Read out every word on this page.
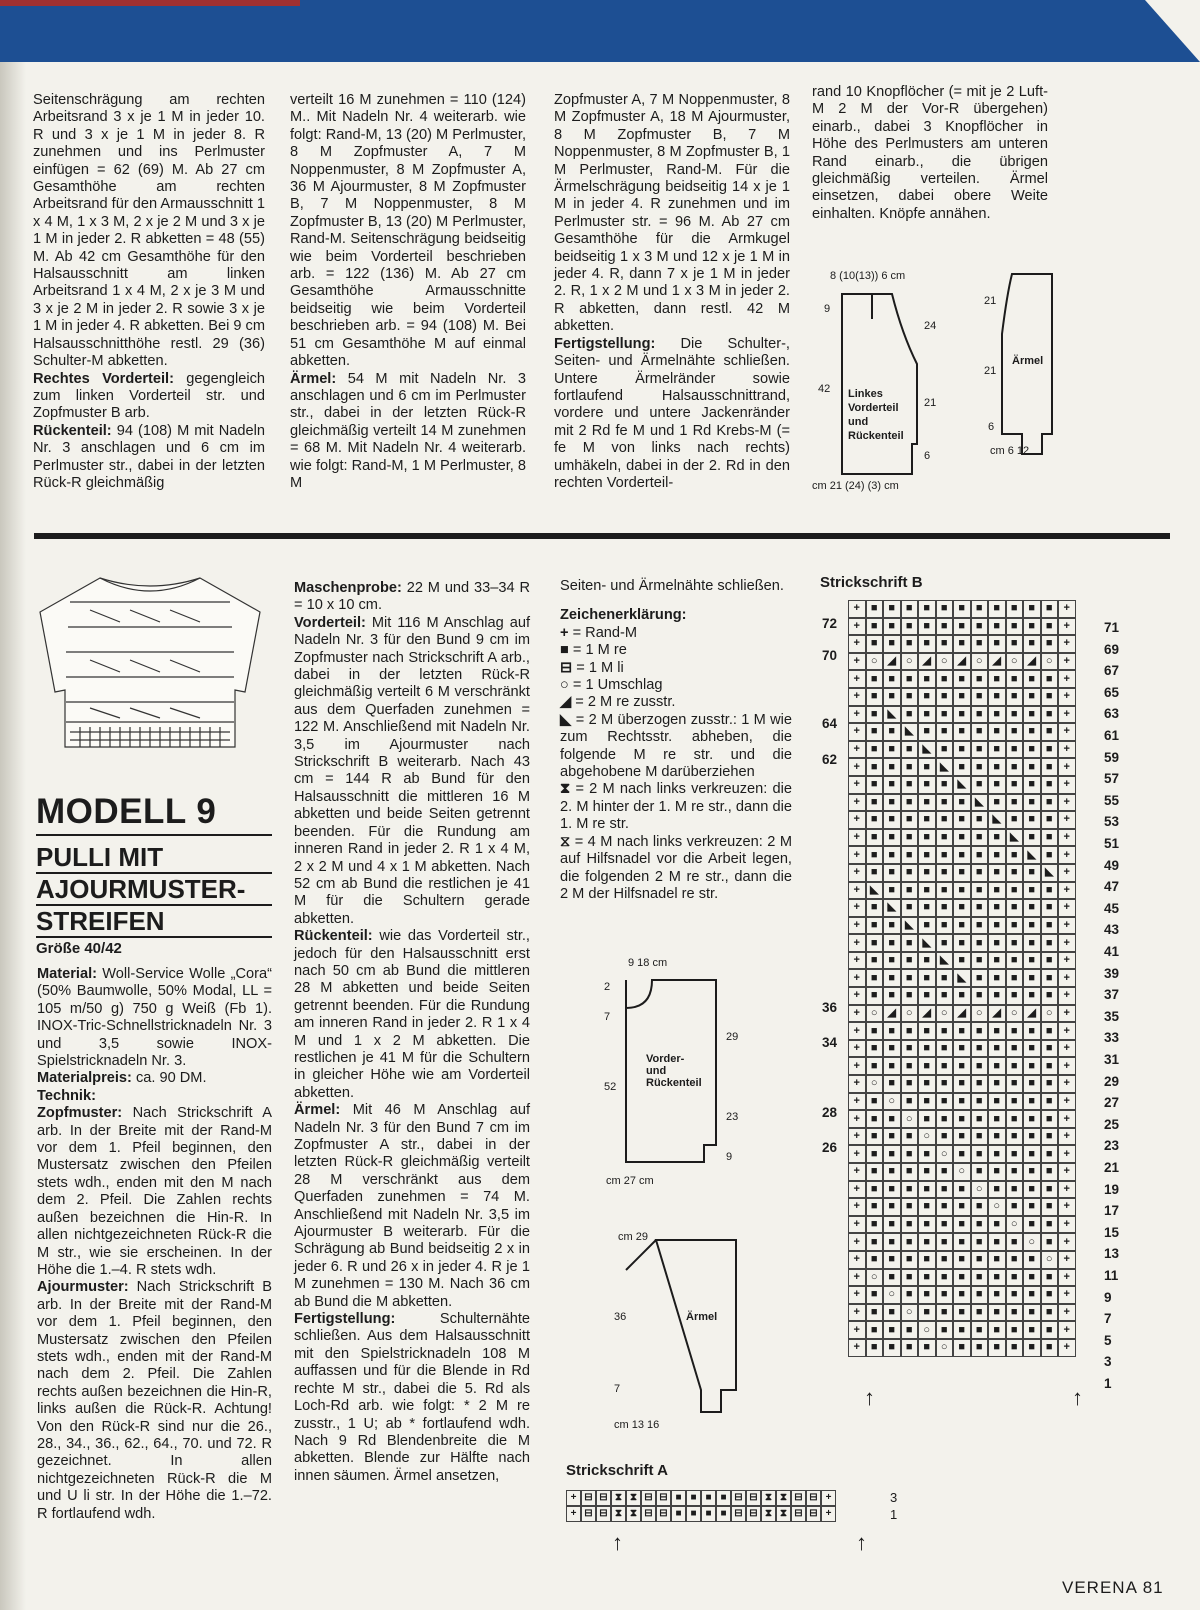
Seitenschrägung am rechten Arbeitsrand 3 x je 1 M in jeder 10. R und 3 x je 1 M in jeder 8. R zunehmen und ins Perlmuster einfügen = 62 (69) M. Ab 27 cm Gesamthöhe am rechten Arbeitsrand für den Armausschnitt 1 x 4 M, 1 x 3 M, 2 x je 2 M und 3 x je 1 M in jeder 2. R abketten = 48 (55) M. Ab 42 cm Gesamthöhe für den Halsausschnitt am linken Arbeitsrand 1 x 4 M, 2 x je 3 M und 3 x je 2 M in jeder 2. R sowie 3 x je 1 M in jeder 4. R abketten. Bei 9 cm Halsausschnitthöhe restl. 29 (36) Schulter-M abketten.

Rechtes Vorderteil: gegengleich zum linken Vorderteil str. und Zopfmuster B arb.

Rückenteil: 94 (108) M mit Nadeln Nr. 3 anschlagen und 6 cm im Perlmuster str., dabei in der letzten Rück-R gleichmäßig

verteilt 16 M zunehmen = 110 (124) M.. Mit Nadeln Nr. 4 weiterarb. wie folgt: Rand-M, 13 (20) M Perlmuster, 8 M Zopfmuster A, 7 M Noppenmuster, 8 M Zopfmuster A, 36 M Ajourmuster, 8 M Zopfmuster B, 7 M Noppenmuster, 8 M Zopfmuster B, 13 (20) M Perlmuster, Rand-M. Seitenschrägung beidseitig wie beim Vorderteil beschrieben arb. = 122 (136) M. Ab 27 cm Gesamthöhe Armausschnitte beidseitig wie beim Vorderteil beschrieben arb. = 94 (108) M. Bei 51 cm Gesamthöhe M auf einmal abketten.

Ärmel: 54 M mit Nadeln Nr. 3 anschlagen und 6 cm im Perlmuster str., dabei in der letzten Rück-R gleichmäßig verteilt 14 M zunehmen = 68 M. Mit Nadeln Nr. 4 weiterarb. wie folgt: Rand-M, 1 M Perlmuster, 8 M

Zopfmuster A, 7 M Noppenmuster, 8 M Zopfmuster A, 18 M Ajourmuster, 8 M Zopfmuster B, 7 M Noppenmuster, 8 M Zopfmuster B, 1 M Perlmuster, Rand-M. Für die Ärmelschrägung beidseitig 14 x je 1 M in jeder 4. R zunehmen und im Perlmuster str. = 96 M. Ab 27 cm Gesamthöhe für die Armkugel beidseitig 1 x 3 M und 12 x je 1 M in jeder 4. R, dann 7 x je 1 M in jeder 2. R, 1 x 2 M und 1 x 3 M in jeder 2. R abketten, dann restl. 42 M abketten.

Fertigstellung: Die Schulter-, Seiten- und Ärmelnähte schließen. Untere Ärmelränder sowie fortlaufend Halsausschnittrand, vordere und untere Jackenränder mit 2 Rd fe M und 1 Rd Krebs-M (= fe M von links nach rechts) umhäkeln, dabei in der 2. Rd in den rechten Vorderteil-

rand 10 Knopflöcher (= mit je 2 Luft-M 2 M der Vor-R übergehen) einarb., dabei 3 Knopflöcher in Höhe des Perlmusters am unteren Rand einarb., die übrigen gleichmäßig verteilen. Ärmel einsetzen, dabei obere Weite einhalten. Knöpfe annähen.

Linkes
Vorderteil
und
Rückenteil
Ärmel
8 (10(13)) 6 cm
9
42
24
21
6
cm 21 (24) (3) cm
21
21
6
cm 6 12
MODELL 9
PULLI MIT
AJOURMUSTER-
STREIFEN
Größe 40/42

Material: Woll-Service Wolle „Cora“ (50% Baumwolle, 50% Modal, LL = 105 m/50 g) 750 g Weiß (Fb 1). INOX-Tric-Schnellstricknadeln Nr. 3 und 3,5 sowie INOX-Spielstricknadeln Nr. 3.

Materialpreis: ca. 90 DM.

Technik:

Zopfmuster: Nach Strickschrift A arb. In der Breite mit der Rand-M vor dem 1. Pfeil beginnen, den Mustersatz zwischen den Pfeilen stets wdh., enden mit den M nach dem 2. Pfeil. Die Zahlen rechts außen bezeichnen die Hin-R. In allen nichtgezeichneten Rück-R die M str., wie sie erscheinen. In der Höhe die 1.–4. R stets wdh.

Ajourmuster: Nach Strickschrift B arb. In der Breite mit der Rand-M vor dem 1. Pfeil beginnen, den Mustersatz zwischen den Pfeilen stets wdh., enden mit der Rand-M nach dem 2. Pfeil. Die Zahlen rechts außen bezeichnen die Hin-R, links außen die Rück-R. Achtung! Von den Rück-R sind nur die 26., 28., 34., 36., 62., 64., 70. und 72. R gezeichnet. In allen nichtgezeichneten Rück-R die M und U li str. In der Höhe die 1.–72. R fortlaufend wdh.

Maschenprobe: 22 M und 33–34 R = 10 x 10 cm.

Vorderteil: Mit 116 M Anschlag auf Nadeln Nr. 3 für den Bund 9 cm im Zopfmuster nach Strickschrift A arb., dabei in der letzten Rück-R gleichmäßig verteilt 6 M verschränkt aus dem Querfaden zunehmen = 122 M. Anschließend mit Nadeln Nr. 3,5 im Ajourmuster nach Strickschrift B weiterarb. Nach 43 cm = 144 R ab Bund für den Halsausschnitt die mittleren 16 M abketten und beide Seiten getrennt beenden. Für die Rundung am inneren Rand in jeder 2. R 1 x 4 M, 2 x 2 M und 4 x 1 M abketten. Nach 52 cm ab Bund die restlichen je 41 M für die Schultern gerade abketten.

Rückenteil: wie das Vorderteil str., jedoch für den Halsausschnitt erst nach 50 cm ab Bund die mittleren 28 M abketten und beide Seiten getrennt beenden. Für die Rundung am inneren Rand in jeder 2. R 1 x 4 M und 1 x 2 M abketten. Die restlichen je 41 M für die Schultern in gleicher Höhe wie am Vorderteil abketten.

Ärmel: Mit 46 M Anschlag auf Nadeln Nr. 3 für den Bund 7 cm im Zopfmuster A str., dabei in der letzten Rück-R gleichmäßig verteilt 28 M verschränkt aus dem Querfaden zunehmen = 74 M. Anschließend mit Nadeln Nr. 3,5 im Ajourmuster B weiterarb. Für die Schrägung ab Bund beidseitig 2 x in jeder 6. R und 26 x in jeder 4. R je 1 M zunehmen = 130 M. Nach 36 cm ab Bund die M abketten.

Fertigstellung: Schulternähte schließen. Aus dem Halsausschnitt mit den Spielstricknadeln 108 M auffassen und für die Blende in Rd rechte M str., dabei die 5. Rd als Loch-Rd arb. wie folgt: * 2 M re zusstr., 1 U; ab * fortlaufend wdh. Nach 9 Rd Blendenbreite die M abketten. Blende zur Hälfte nach innen säumen. Ärmel ansetzen,

Seiten- und Ärmelnähte schließen.

Zeichenerklärung:

+ = Rand-M

■ = 1 M re

⊟ = 1 M li

○ = 1 Umschlag

◢ = 2 M re zusstr.

◣ = 2 M überzogen zusstr.: 1 M wie zum Rechtsstr. abheben, die folgende M re str. und die abgehobene M darüberziehen

⧗ = 2 M nach links verkreuzen: die 2. M hinter der 1. M re str., dann die 1. M re str.

⧖ = 4 M nach links verkreuzen: 2 M auf Hilfsnadel vor die Arbeit legen, die folgenden 2 M re str., dann die 2 M der Hilfsnadel re str.

Vorder-
und
Rückenteil
Ärmel
9 18 cm
2
7
52
29
23
9
cm 27 cm
cm 29
36
7
cm 13 16
Strickschrift B
+ ■ ■ ■ ■ ■ ■ ■ ■ ■ ■ ■ +
+ ■ ■ ■ ■ ■ ■ ■ ■ ■ ■ ■ +
+ ■ ■ ■ ■ ■ ■ ■ ■ ■ ■ ■ +
+ ○ ◢ ○ ◢ ○ ◢ ○ ◢ ○ ◢ ○ +
+ ■ ■ ■ ■ ■ ■ ■ ■ ■ ■ ■ +
+ ■ ■ ■ ■ ■ ■ ■ ■ ■ ■ ■ +
+ ■ ◣ ■ ■ ■ ■ ■ ■ ■ ■ ■ +
+ ■ ■ ◣ ■ ■ ■ ■ ■ ■ ■ ■ +
+ ■ ■ ■ ◣ ■ ■ ■ ■ ■ ■ ■ +
+ ■ ■ ■ ■ ◣ ■ ■ ■ ■ ■ ■ +
+ ■ ■ ■ ■ ■ ◣ ■ ■ ■ ■ ■ +
+ ■ ■ ■ ■ ■ ■ ◣ ■ ■ ■ ■ +
+ ■ ■ ■ ■ ■ ■ ■ ◣ ■ ■ ■ +
+ ■ ■ ■ ■ ■ ■ ■ ■ ◣ ■ ■ +
+ ■ ■ ■ ■ ■ ■ ■ ■ ■ ◣ ■ +
+ ■ ■ ■ ■ ■ ■ ■ ■ ■ ■ ◣ +
+ ◣ ■ ■ ■ ■ ■ ■ ■ ■ ■ ■ +
+ ■ ◣ ■ ■ ■ ■ ■ ■ ■ ■ ■ +
+ ■ ■ ◣ ■ ■ ■ ■ ■ ■ ■ ■ +
+ ■ ■ ■ ◣ ■ ■ ■ ■ ■ ■ ■ +
+ ■ ■ ■ ■ ◣ ■ ■ ■ ■ ■ ■ +
+ ■ ■ ■ ■ ■ ◣ ■ ■ ■ ■ ■ +
+ ■ ■ ■ ■ ■ ■ ■ ■ ■ ■ ■ +
+ ○ ◢ ○ ◢ ○ ◢ ○ ◢ ○ ◢ ○ +
+ ■ ■ ■ ■ ■ ■ ■ ■ ■ ■ ■ +
+ ■ ■ ■ ■ ■ ■ ■ ■ ■ ■ ■ +
+ ■ ■ ■ ■ ■ ■ ■ ■ ■ ■ ■ +
+ ○ ■ ■ ■ ■ ■ ■ ■ ■ ■ ■ +
+ ■ ○ ■ ■ ■ ■ ■ ■ ■ ■ ■ +
+ ■ ■ ○ ■ ■ ■ ■ ■ ■ ■ ■ +
+ ■ ■ ■ ○ ■ ■ ■ ■ ■ ■ ■ +
+ ■ ■ ■ ■ ○ ■ ■ ■ ■ ■ ■ +
+ ■ ■ ■ ■ ■ ○ ■ ■ ■ ■ ■ +
+ ■ ■ ■ ■ ■ ■ ○ ■ ■ ■ ■ +
+ ■ ■ ■ ■ ■ ■ ■ ○ ■ ■ ■ +
+ ■ ■ ■ ■ ■ ■ ■ ■ ○ ■ ■ +
+ ■ ■ ■ ■ ■ ■ ■ ■ ■ ○ ■ +
+ ■ ■ ■ ■ ■ ■ ■ ■ ■ ■ ○ +
+ ○ ■ ■ ■ ■ ■ ■ ■ ■ ■ ■ +
+ ■ ○ ■ ■ ■ ■ ■ ■ ■ ■ ■ +
+ ■ ■ ○ ■ ■ ■ ■ ■ ■ ■ ■ +
+ ■ ■ ■ ○ ■ ■ ■ ■ ■ ■ ■ +
+ ■ ■ ■ ■ ○ ■ ■ ■ ■ ■ ■ +
72
70
64
62
36
34
28
26
71
69
67
65
63
61
59
57
55
53
51
49
47
45
43
41
39
37
35
33
31
29
27
25
23
21
19
17
15
13
11
9
7
5
3
1
↑	↑
Strickschrift A
+ ⊟ ⊟ ⧗ ⧗ ⊟ ⊟ ■ ■ ■ ■ ⊟ ⊟ ⧗ ⧗ ⊟ ⊟ +
+ ⊟ ⊟ ⧗ ⧗ ⊟ ⊟ ■ ■ ■ ■ ⊟ ⊟ ⧗ ⧗ ⊟ ⊟ +
3
1
↑	↑
VERENA 81
